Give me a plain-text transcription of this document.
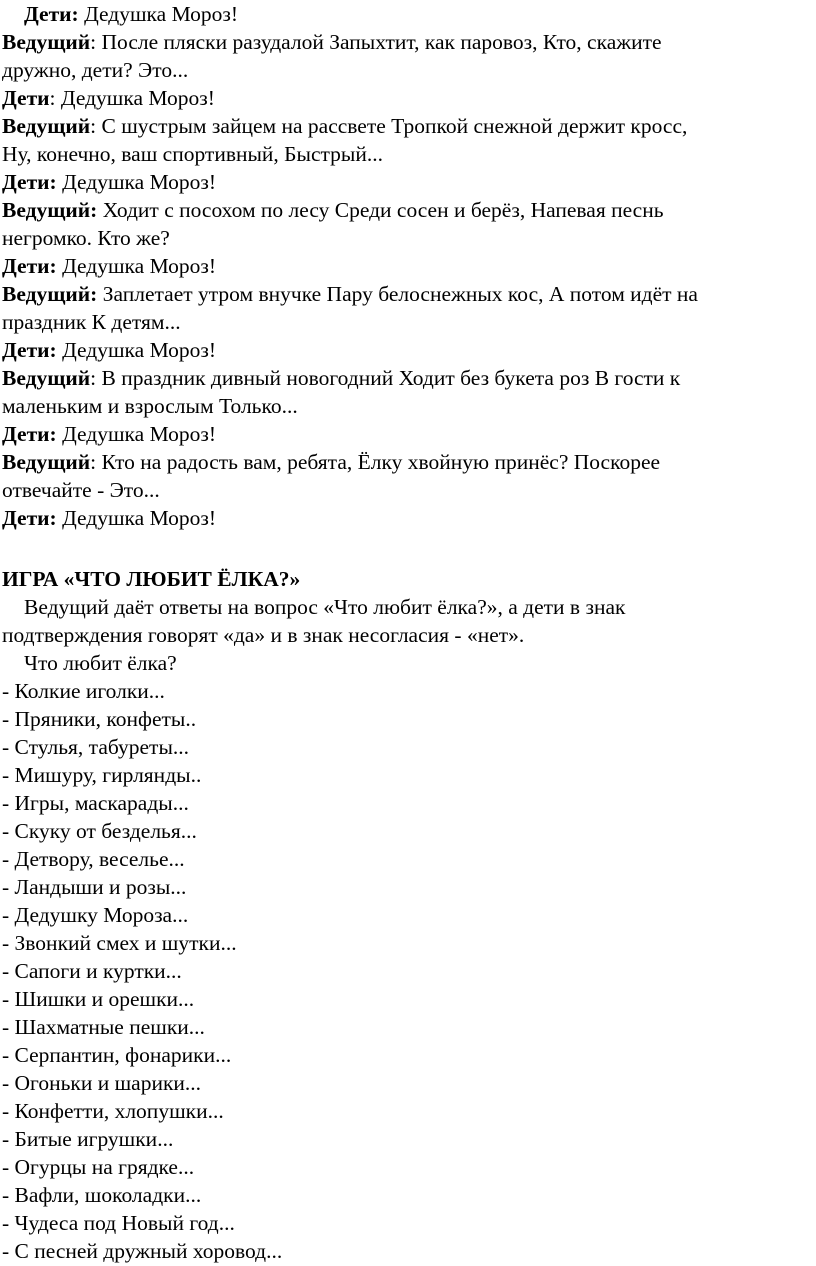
Дети: Дедушка Мороз!
Ведущий: После пляски разудалой Запыхтит, как паровоз, Кто, скажите
дружно, дети? Это...
Дети: Дедушка Мороз!
Ведущий: С шустрым зайцем на рассвете Тропкой снежной держит кросс,
Ну, конечно, ваш спортивный, Быстрый...
Дети: Дедушка Мороз!
Ведущий: Ходит с посохом по лесу Среди сосен и берёз, Напевая песнь
негромко. Кто же?
Дети: Дедушка Мороз!
Ведущий: Заплетает утром внучке Пару белоснежных кос, А потом идёт на
праздник К детям...
Дети: Дедушка Мороз!
Ведущий: В праздник дивный новогодний Ходит без букета роз В гости к
маленьким и взрослым Только...
Дети: Дедушка Мороз!
Ведущий: Кто на радость вам, ребята, Ёлку хвойную принёс? Поскорее
отвечайте - Это...
Дети: Дедушка Мороз!
ИГРА «ЧТО ЛЮБИТ ЁЛКА?»
Ведущий даёт ответы на вопрос «Что любит ёлка?», а дети в знак
подтверждения говорят «да» и в знак несогласия - «нет».
Что любит ёлка?
- Колкие иголки...
- Пряники, конфеты..
- Стулья, табуреты...
- Мишуру, гирлянды..
- Игры, маскарады...
- Скуку от безделья...
- Детвору, веселье...
- Ландыши и розы...
- Дедушку Мороза...
- Звонкий смех и шутки...
- Сапоги и куртки...
- Шишки и орешки...
- Шахматные пешки...
- Серпантин, фонарики...
- Огоньки и шарики...
- Конфетти, хлопушки...
- Битые игрушки...
- Огурцы на грядке...
- Вафли, шоколадки...
- Чудеса под Новый год...
- С песней дружный хоровод...
